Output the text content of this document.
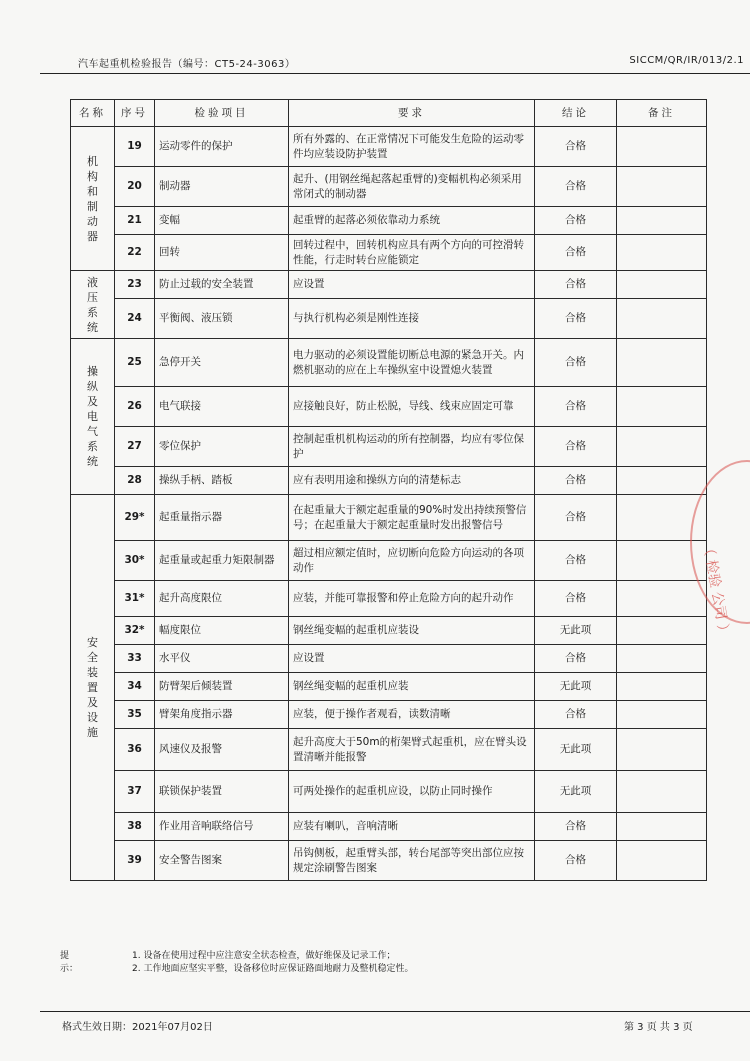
汽车起重机检验报告（编号：CT5-24-3063）	SICCM/QR/IR/013/2.1
名称	序号	检验项目	要求	结论	备注

机构和制动器	19	运动零件的保护	所有外露的、在正常情况下可能发生危险的运动零件均应装设防护装置	合格	
	20	制动器	起升、(用钢丝绳起落起重臂的)变幅机构必须采用常闭式的制动器	合格	
	21	变幅	起重臂的起落必须依靠动力系统	合格	
	22	回转	回转过程中，回转机构应具有两个方向的可控滑转性能，行走时转台应能锁定	合格	

液压系统	23	防止过载的安全装置	应设置	合格	
	24	平衡阀、液压锁	与执行机构必须是刚性连接	合格	

操纵及电气系统	25	急停开关	电力驱动的必须设置能切断总电源的紧急开关。内燃机驱动的应在上车操纵室中设置熄火装置	合格	
	26	电气联接	应接触良好，防止松脱，导线、线束应固定可靠	合格	
	27	零位保护	控制起重机机构运动的所有控制器，均应有零位保护	合格	
	28	操纵手柄、踏板	应有表明用途和操纵方向的清楚标志	合格	

安全装置及设施	29*	起重量指示器	在起重量大于额定起重量的90%时发出持续预警信号；在起重量大于额定起重量时发出报警信号	合格	
	30*	起重量或起重力矩限制器	超过相应额定值时，应切断向危险方向运动的各项动作	合格	
	31*	起升高度限位	应装，并能可靠报警和停止危险方向的起升动作	合格	
	32*	幅度限位	钢丝绳变幅的起重机应装设	无此项	
	33	水平仪	应设置	合格	
	34	防臂架后倾装置	钢丝绳变幅的起重机应装	无此项	
	35	臂架角度指示器	应装，便于操作者观看，读数清晰	合格	
	36	风速仪及报警	起升高度大于50m的桁架臂式起重机，应在臂头设置清晰并能报警	无此项	
	37	联锁保护装置	可两处操作的起重机应设，以防止同时操作	无此项	
	38	作业用音响联络信号	应装有喇叭，音响清晰	合格	
	39	安全警告图案	吊钩侧板，起重臂头部，转台尾部等突出部位应按规定涂刷警告图案	合格	
提示：
1. 设备在使用过程中应注意安全状态检查，做好维保及记录工作；
2. 工作地面应坚实平整，设备移位时应保证路面地耐力及整机稳定性。
格式生效日期：2021年07月02日	第 3 页 共 3 页
（ 检验 公司 ）
